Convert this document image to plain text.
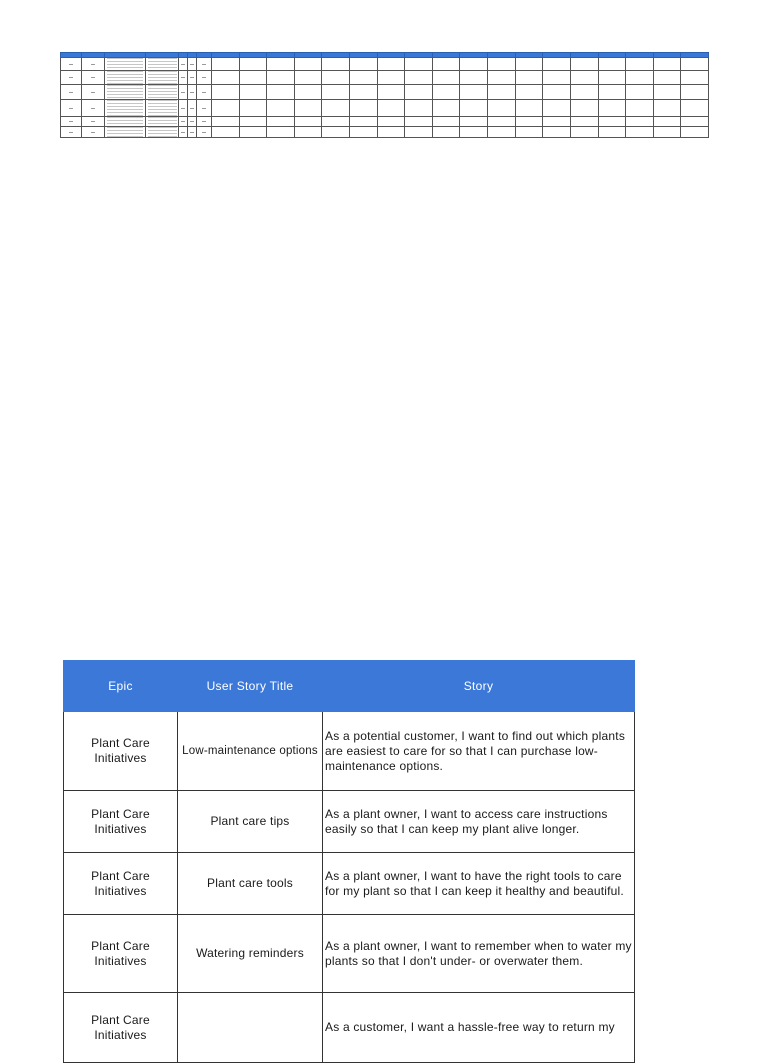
Epic	User Story Title	Story
Plant Care Initiatives	Low-maintenance options	As a potential customer, I want to find out which plants are easiest to care for so that I can purchase low-maintenance options.
Plant Care Initiatives	Plant care tips	As a plant owner, I want to access care instructions easily so that I can keep my plant alive longer.
Plant Care Initiatives	Plant care tools	As a plant owner, I want to have the right tools to care for my plant so that I can keep it healthy and beautiful.
Plant Care Initiatives	Watering reminders	As a plant owner, I want to remember when to water my plants so that I don't under- or overwater them.
Plant Care Initiatives		As a customer, I want a hassle-free way to return my
